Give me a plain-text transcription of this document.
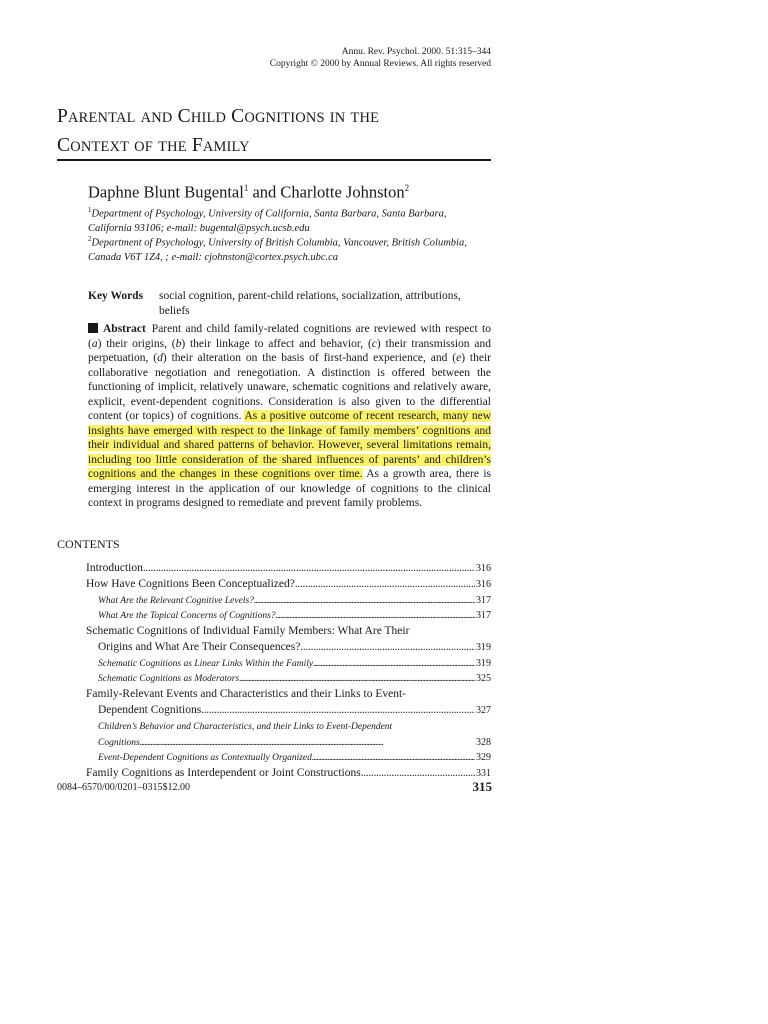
Annu. Rev. Psychol. 2000. 51:315–344
Copyright © 2000 by Annual Reviews. All rights reserved
PARENTAL AND CHILD COGNITIONS IN THE
CONTEXT OF THE FAMILY
Daphne Blunt Bugental$^1$ and Charlotte Johnston$^2$
$^1$Department of Psychology, University of California, Santa Barbara, Santa Barbara, California 93106; e-mail: bugental@psych.ucsb.edu
$^2$Department of Psychology, University of British Columbia, Vancouver, British Columbia, Canada V6T 1Z4, ; e-mail: cjohnston@cortex.psych.ubc.ca
Key Words social cognition, parent-child relations, socialization, attributions, beliefs
Abstract Parent and child family-related cognitions are reviewed with respect to (a) their origins, (b) their linkage to affect and behavior, (c) their transmission and perpetuation, (d) their alteration on the basis of first-hand experience, and (e) their collaborative negotiation and renegotiation. A distinction is offered between the functioning of implicit, relatively unaware, schematic cognitions and relatively aware, explicit, event-dependent cognitions. Consideration is also given to the differential content (or topics) of cognitions. As a positive outcome of recent research, many new insights have emerged with respect to the linkage of family members’ cognitions and their individual and shared patterns of behavior. However, several limitations remain, including too little consideration of the shared influences of parents’ and children’s cognitions and the changes in these cognitions over time. As a growth area, there is emerging interest in the application of our knowledge of cognitions to the clinical context in programs designed to remediate and prevent family problems.
CONTENTS
Introduction . . .	316
How Have Cognitions Been Conceptualized? . . .	316
What Are the Relevant Cognitive Levels? . . .	317
What Are the Topical Concerns of Cognitions? . . .	317
Schematic Cognitions of Individual Family Members: What Are Their
Origins and What Are Their Consequences? . . .	319
Schematic Cognitions as Linear Links Within the Family . . .	319
Schematic Cognitions as Moderators . . .	325
Family-Relevant Events and Characteristics and their Links to Event-
Dependent Cognitions . . .	327
Children’s Behavior and Characteristics, and their Links to Event-Dependent
Cognitions . . .	328
Event-Dependent Cognitions as Contextually Organized . . .	329
Family Cognitions as Interdependent or Joint Constructions . . .	331
0084–6570/00/0201–0315$12.00	315
